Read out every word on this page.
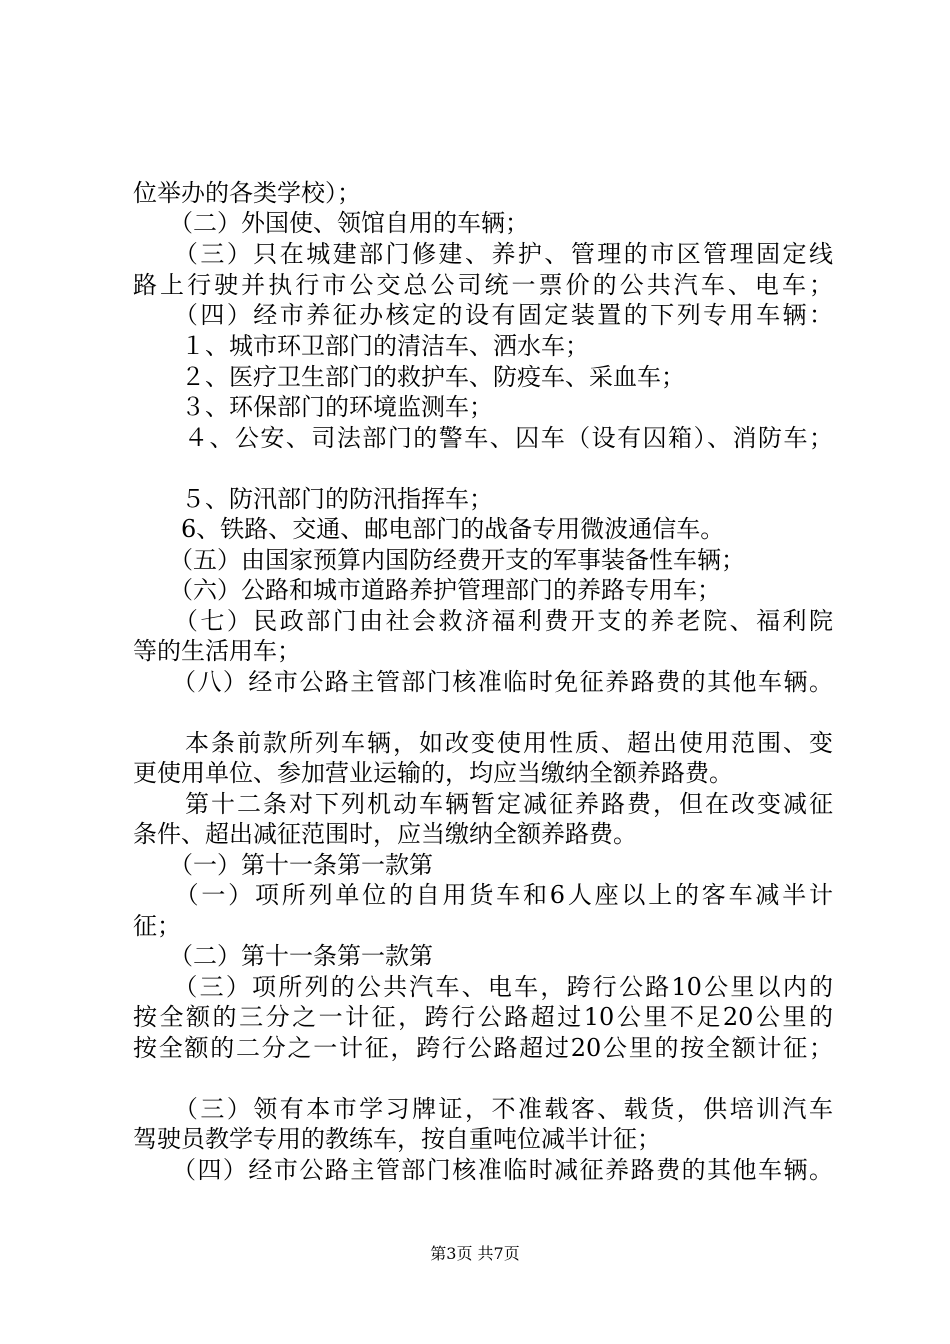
位举办的各类学校）；
　　（二）外国使、领馆自用的车辆；
　　（三）只在城建部门修建、养护、管理的市区管理固定线
路上行驶并执行市公交总公司统一票价的公共汽车、电车；
　　（四）经市养征办核定的设有固定装置的下列专用车辆：
　　１、城市环卫部门的清洁车、洒水车；
　　２、医疗卫生部门的救护车、防疫车、采血车；
　　３、环保部门的环境监测车；
　　４、公安、司法部门的警车、囚车（设有囚箱）、消防车；
　　５、防汛部门的防汛指挥车；
　　6、铁路、交通、邮电部门的战备专用微波通信车。
　　（五）由国家预算内国防经费开支的军事装备性车辆；
　　（六）公路和城市道路养护管理部门的养路专用车；
　　（七）民政部门由社会救济福利费开支的养老院、福利院
等的生活用车；
　　（八）经市公路主管部门核准临时免征养路费的其他车辆。
　　本条前款所列车辆，如改变使用性质、超出使用范围、变
更使用单位、参加营业运输的，均应当缴纳全额养路费。
　　第十二条对下列机动车辆暂定减征养路费，但在改变减征
条件、超出减征范围时，应当缴纳全额养路费。
　　（一）第十一条第一款第
　　（一）项所列单位的自用货车和6人座以上的客车减半计
征；
　　（二）第十一条第一款第
　　（三）项所列的公共汽车、电车，跨行公路10公里以内的
按全额的三分之一计征，跨行公路超过10公里不足20公里的
按全额的二分之一计征，跨行公路超过20公里的按全额计征；
　　（三）领有本市学习牌证，不准载客、载货，供培训汽车
驾驶员教学专用的教练车，按自重吨位减半计征；
　　（四）经市公路主管部门核准临时减征养路费的其他车辆。
第3页 共7页
